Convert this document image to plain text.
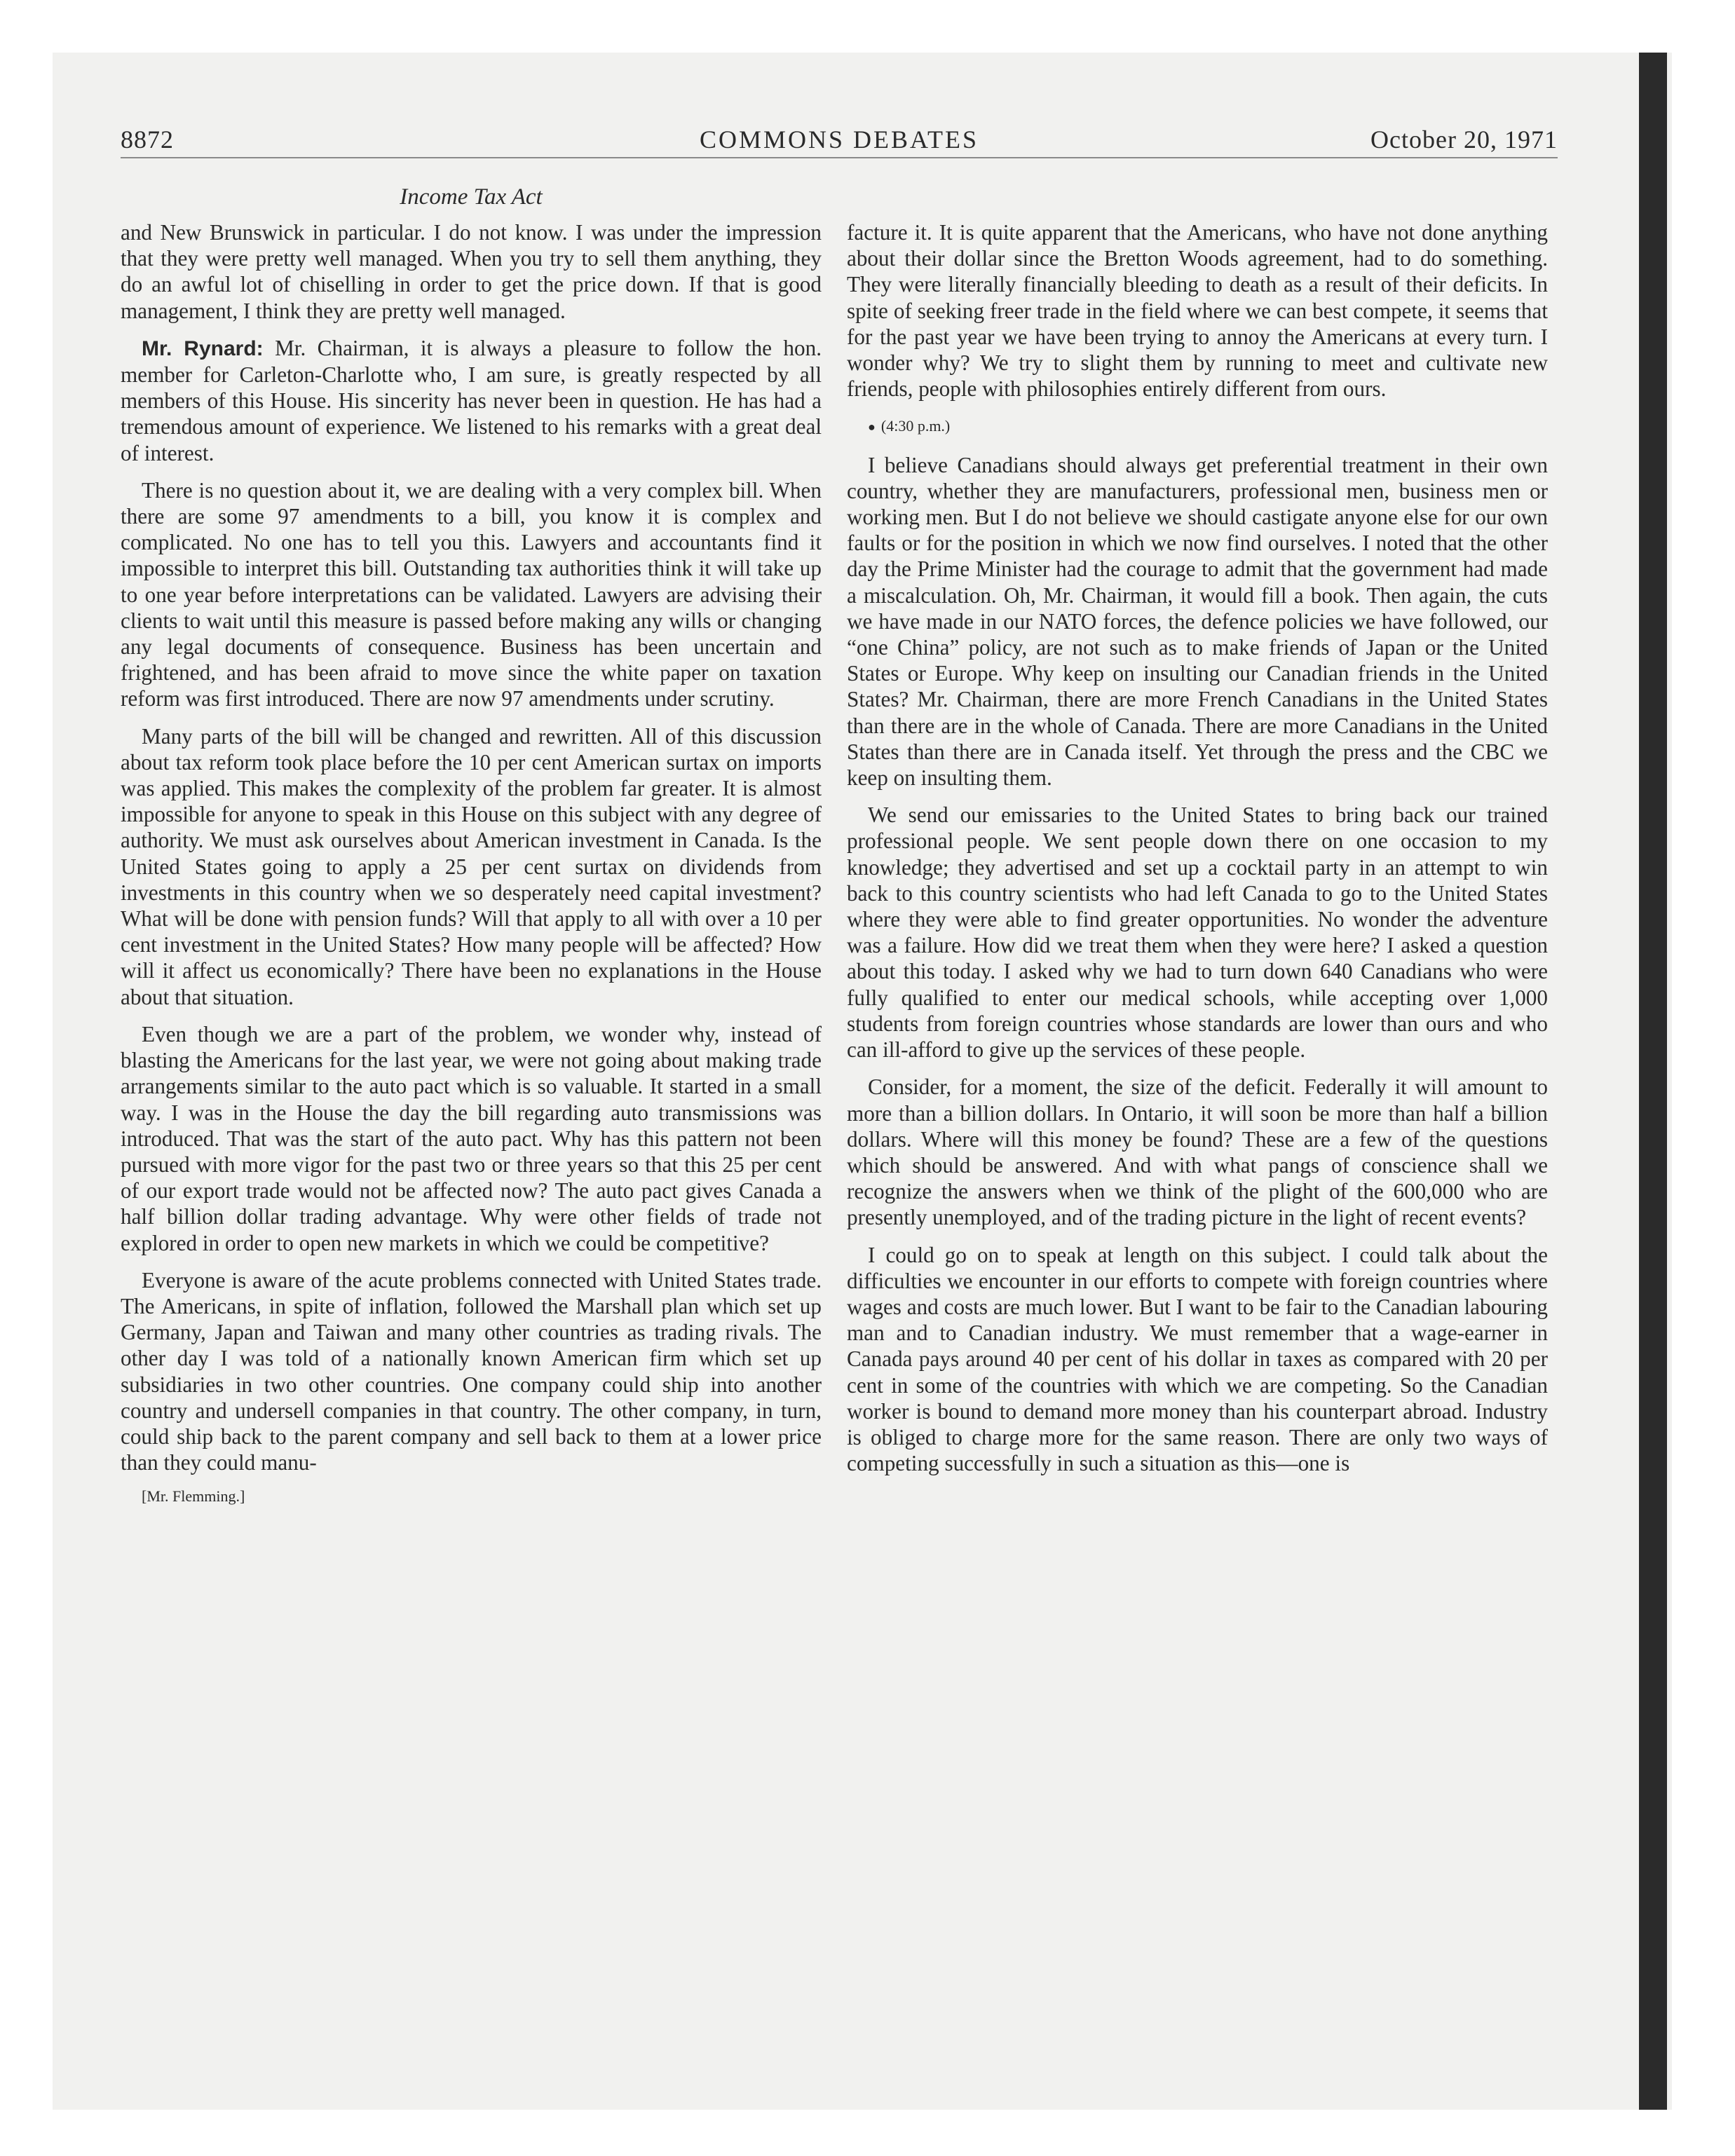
8872	COMMONS DEBATES	October 20, 1971
Income Tax Act

and New Brunswick in particular. I do not know. I was under the impression that they were pretty well managed. When you try to sell them anything, they do an awful lot of chiselling in order to get the price down. If that is good management, I think they are pretty well managed.

Mr. Rynard: Mr. Chairman, it is always a pleasure to follow the hon. member for Carleton-Charlotte who, I am sure, is greatly respected by all members of this House. His sincerity has never been in question. He has had a tremendous amount of experience. We listened to his remarks with a great deal of interest.

There is no question about it, we are dealing with a very complex bill. When there are some 97 amendments to a bill, you know it is complex and complicated. No one has to tell you this. Lawyers and accountants find it impossible to interpret this bill. Outstanding tax authorities think it will take up to one year before interpretations can be validated. Lawyers are advising their clients to wait until this measure is passed before making any wills or changing any legal documents of consequence. Business has been uncertain and frightened, and has been afraid to move since the white paper on taxation reform was first introduced. There are now 97 amendments under scrutiny.

Many parts of the bill will be changed and rewritten. All of this discussion about tax reform took place before the 10 per cent American surtax on imports was applied. This makes the complexity of the problem far greater. It is almost impossible for anyone to speak in this House on this subject with any degree of authority. We must ask ourselves about American investment in Canada. Is the United States going to apply a 25 per cent surtax on dividends from investments in this country when we so desperately need capital investment? What will be done with pension funds? Will that apply to all with over a 10 per cent investment in the United States? How many people will be affected? How will it affect us economically? There have been no explanations in the House about that situation.

Even though we are a part of the problem, we wonder why, instead of blasting the Americans for the last year, we were not going about making trade arrangements similar to the auto pact which is so valuable. It started in a small way. I was in the House the day the bill regarding auto transmissions was introduced. That was the start of the auto pact. Why has this pattern not been pursued with more vigor for the past two or three years so that this 25 per cent of our export trade would not be affected now? The auto pact gives Canada a half billion dollar trading advantage. Why were other fields of trade not explored in order to open new markets in which we could be competitive?

Everyone is aware of the acute problems connected with United States trade. The Americans, in spite of inflation, followed the Marshall plan which set up Germany, Japan and Taiwan and many other countries as trading rivals. The other day I was told of a nationally known American firm which set up subsidiaries in two other countries. One company could ship into another country and undersell companies in that country. The other company, in turn, could ship back to the parent company and sell back to them at a lower price than they could manu-

[Mr. Flemming.]

facture it. It is quite apparent that the Americans, who have not done anything about their dollar since the Bretton Woods agreement, had to do something. They were literally financially bleeding to death as a result of their deficits. In spite of seeking freer trade in the field where we can best compete, it seems that for the past year we have been trying to annoy the Americans at every turn. I wonder why? We try to slight them by running to meet and cultivate new friends, people with philosophies entirely different from ours.

● (4:30 p.m.)

I believe Canadians should always get preferential treatment in their own country, whether they are manufacturers, professional men, business men or working men. But I do not believe we should castigate anyone else for our own faults or for the position in which we now find ourselves. I noted that the other day the Prime Minister had the courage to admit that the government had made a miscalculation. Oh, Mr. Chairman, it would fill a book. Then again, the cuts we have made in our NATO forces, the defence policies we have followed, our “one China” policy, are not such as to make friends of Japan or the United States or Europe. Why keep on insulting our Canadian friends in the United States? Mr. Chairman, there are more French Canadians in the United States than there are in the whole of Canada. There are more Canadians in the United States than there are in Canada itself. Yet through the press and the CBC we keep on insulting them.

We send our emissaries to the United States to bring back our trained professional people. We sent people down there on one occasion to my knowledge; they advertised and set up a cocktail party in an attempt to win back to this country scientists who had left Canada to go to the United States where they were able to find greater opportunities. No wonder the adventure was a failure. How did we treat them when they were here? I asked a question about this today. I asked why we had to turn down 640 Canadians who were fully qualified to enter our medical schools, while accepting over 1,000 students from foreign countries whose standards are lower than ours and who can ill-afford to give up the services of these people.

Consider, for a moment, the size of the deficit. Federally it will amount to more than a billion dollars. In Ontario, it will soon be more than half a billion dollars. Where will this money be found? These are a few of the questions which should be answered. And with what pangs of conscience shall we recognize the answers when we think of the plight of the 600,000 who are presently unemployed, and of the trading picture in the light of recent events?

I could go on to speak at length on this subject. I could talk about the difficulties we encounter in our efforts to compete with foreign countries where wages and costs are much lower. But I want to be fair to the Canadian labouring man and to Canadian industry. We must remember that a wage-earner in Canada pays around 40 per cent of his dollar in taxes as compared with 20 per cent in some of the countries with which we are competing. So the Canadian worker is bound to demand more money than his counterpart abroad. Industry is obliged to charge more for the same reason. There are only two ways of competing successfully in such a situation as this—one is
